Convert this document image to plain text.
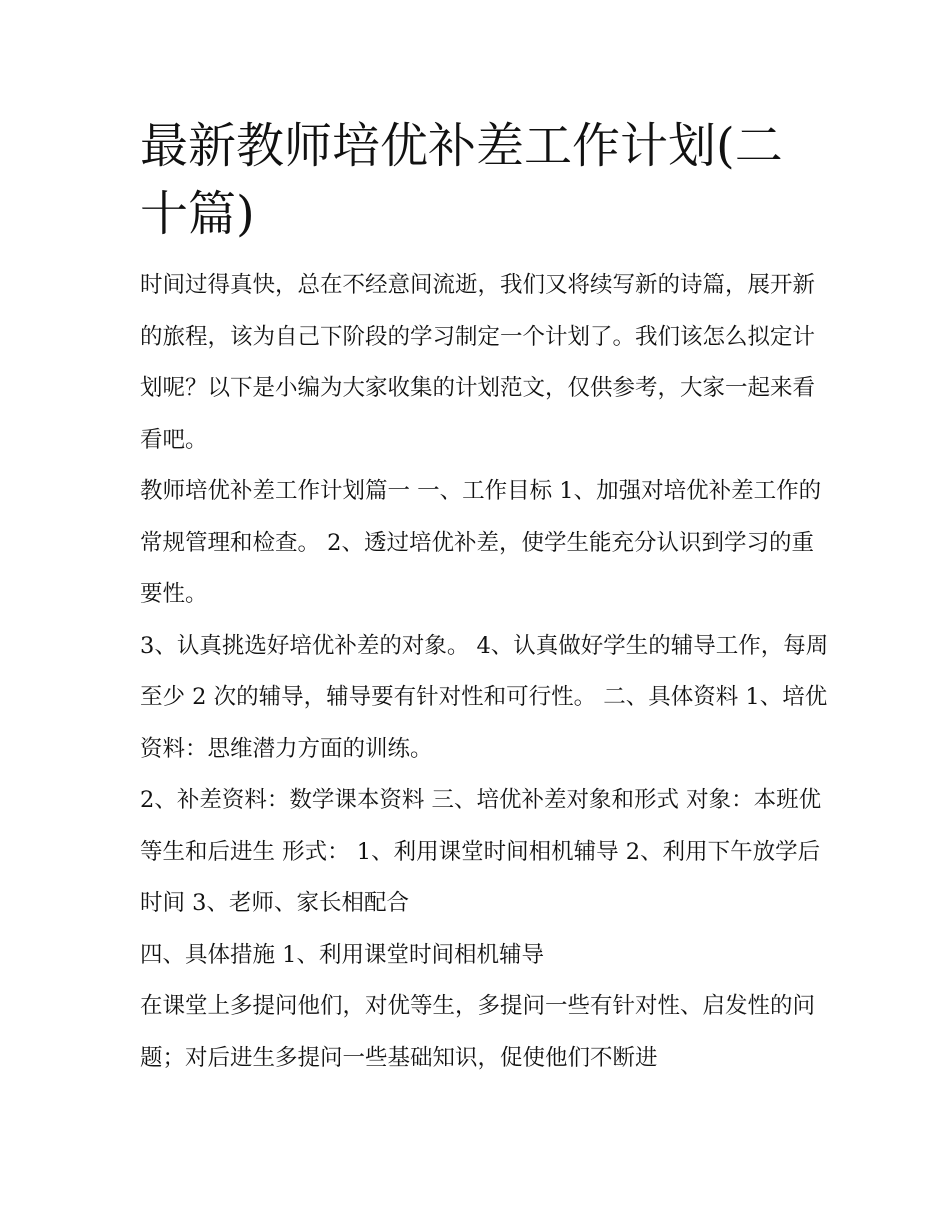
最新教师培优补差工作计划(二十篇)

时间过得真快，总在不经意间流逝，我们又将续写新的诗篇，展开新的旅程，该为自己下阶段的学习制定一个计划了。我们该怎么拟定计划呢？以下是小编为大家收集的计划范文，仅供参考，大家一起来看看吧。

教师培优补差工作计划篇一 一、工作目标 1、加强对培优补差工作的常规管理和检查。 2、透过培优补差，使学生能充分认识到学习的重要性。

3、认真挑选好培优补差的对象。 4、认真做好学生的辅导工作，每周至少 2 次的辅导，辅导要有针对性和可行性。 二、具体资料 1、培优资料：思维潜力方面的训练。

2、补差资料：数学课本资料 三、培优补差对象和形式 对象：本班优等生和后进生 形式： 1、利用课堂时间相机辅导 2、利用下午放学后时间 3、老师、家长相配合

四、具体措施 1、利用课堂时间相机辅导

在课堂上多提问他们，对优等生，多提问一些有针对性、启发性的问题；对后进生多提问一些基础知识，促使他们不断进
